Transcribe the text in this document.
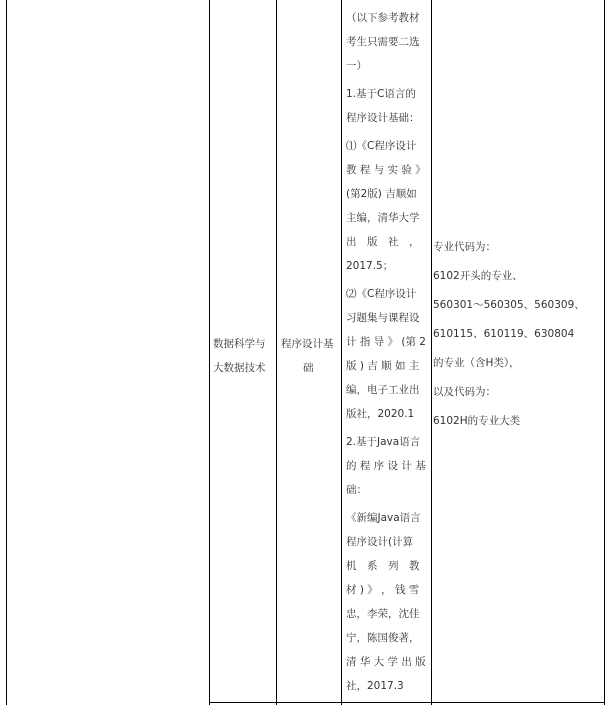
数据科学与
大数据技术
程序设计基
础
（以下参考教材
考生只需要二选
一）
1.基于C语言的
程序设计基础：
⑴《C程序设计
教 程 与 实 验 》
(第2版) 吉顺如
主编，清华大学
出　版　社　，
2017.5；
⑵《C程序设计
习题集与课程设
计 指 导 》 (第 2
版 ) 吉 顺 如 主
编，电子工业出
版社，2020.1
2.基于Java语言
的 程 序 设 计 基
础：
《新编Java语言
程序设计(计算
机　系　列　教
材 ) 》 ， 钱 雪
忠，李荣，沈佳
宁，陈国俊著，
清 华 大 学 出 版
社，2017.3
专业代码为：
6102开头的专业、
560301～560305、560309、
610115、610119、630804
的专业（含H类），
以及代码为：
6102H的专业大类
